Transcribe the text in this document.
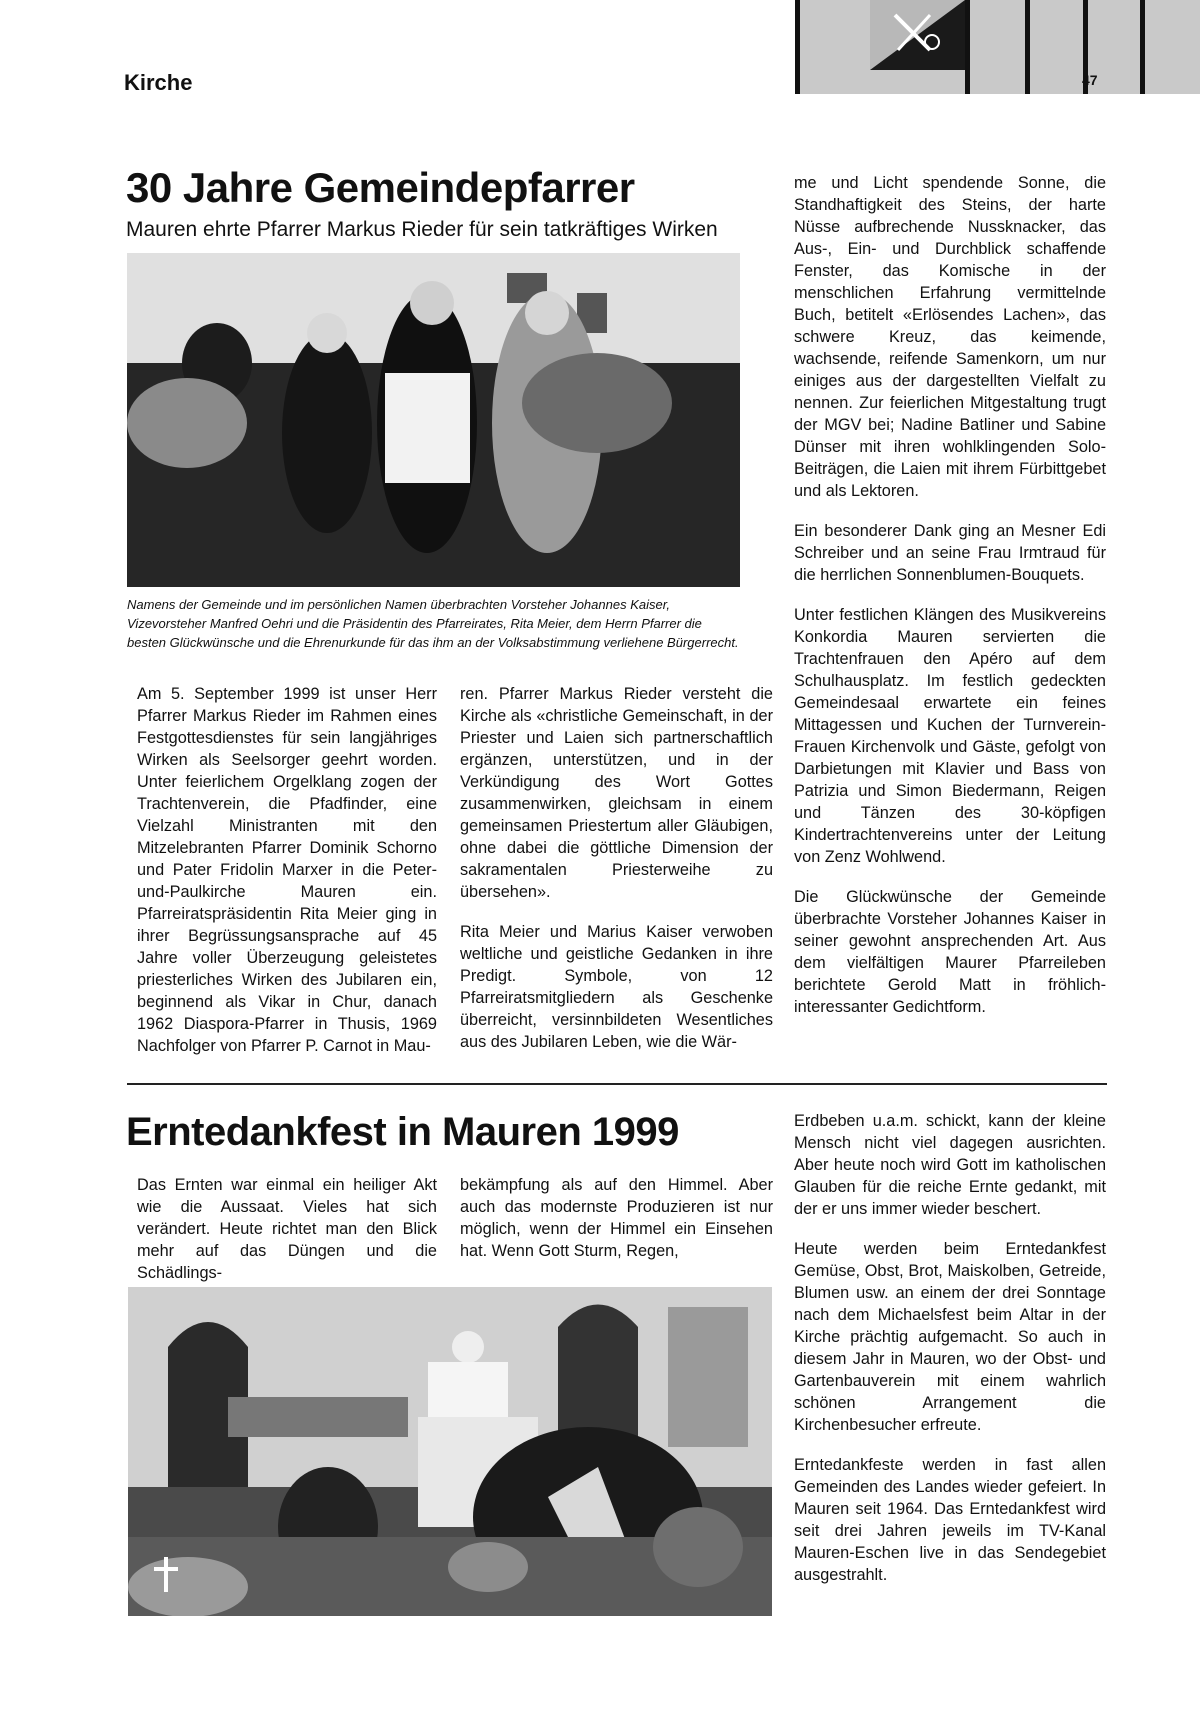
Kirche	47
30 Jahre Gemeindepfarrer
Mauren ehrte Pfarrer Markus Rieder für sein tatkräftiges Wirken
Namens der Gemeinde und im persönlichen Namen überbrachten Vorsteher Johannes Kaiser, Vizevorsteher Manfred Oehri und die Präsidentin des Pfarreirates, Rita Meier, dem Herrn Pfarrer die besten Glückwünsche und die Ehrenurkunde für das ihm an der Volksabstimmung verliehene Bürgerrecht.

Am 5. September 1999 ist unser Herr Pfarrer Markus Rieder im Rahmen eines Festgottesdienstes für sein langjähriges Wirken als Seelsorger geehrt worden. Unter feierlichem Orgelklang zogen der Trachtenverein, die Pfadfinder, eine Vielzahl Ministranten mit den Mitzelebranten Pfarrer Dominik Schorno und Pater Fridolin Marxer in die Peter-und-Paulkirche Mauren ein. Pfarreiratspräsidentin Rita Meier ging in ihrer Begrüssungsansprache auf 45 Jahre voller Überzeugung geleistetes priesterliches Wirken des Jubilaren ein, beginnend als Vikar in Chur, danach 1962 Diaspora-Pfarrer in Thusis, 1969 Nachfolger von Pfarrer P. Carnot in Mau-

ren. Pfarrer Markus Rieder versteht die Kirche als «christliche Gemeinschaft, in der Priester und Laien sich partnerschaftlich ergänzen, unterstützen, und in der Verkündigung des Wort Gottes zusammenwirken, gleichsam in einem gemeinsamen Priestertum aller Gläubigen, ohne dabei die göttliche Dimension der sakramentalen Priesterweihe zu übersehen».

Rita Meier und Marius Kaiser verwoben weltliche und geistliche Gedanken in ihre Predigt. Symbole, von 12 Pfarreiratsmitgliedern als Geschenke überreicht, versinnbildeten Wesentliches aus des Jubilaren Leben, wie die Wär-

me und Licht spendende Sonne, die Standhaftigkeit des Steins, der harte Nüsse aufbrechende Nussknacker, das Aus-, Ein- und Durchblick schaffende Fenster, das Komische in der menschlichen Erfahrung vermittelnde Buch, betitelt «Erlösendes Lachen», das schwere Kreuz, das keimende, wachsende, reifende Samenkorn, um nur einiges aus der dargestellten Vielfalt zu nennen. Zur feierlichen Mitgestaltung trugt der MGV bei; Nadine Batliner und Sabine Dünser mit ihren wohlklingenden Solo-Beiträgen, die Laien mit ihrem Fürbittgebet und als Lektoren.

Ein besonderer Dank ging an Mesner Edi Schreiber und an seine Frau Irmtraud für die herrlichen Sonnenblumen-Bouquets.

Unter festlichen Klängen des Musikvereins Konkordia Mauren servierten die Trachtenfrauen den Apéro auf dem Schulhausplatz. Im festlich gedeckten Gemeindesaal erwartete ein feines Mittagessen und Kuchen der Turnverein-Frauen Kirchenvolk und Gäste, gefolgt von Darbietungen mit Klavier und Bass von Patrizia und Simon Biedermann, Reigen und Tänzen des 30-köpfigen Kindertrachtenvereins unter der Leitung von Zenz Wohlwend.

Die Glückwünsche der Gemeinde überbrachte Vorsteher Johannes Kaiser in seiner gewohnt ansprechenden Art. Aus dem vielfältigen Maurer Pfarreileben berichtete Gerold Matt in fröhlich-interessanter Gedichtform.

Erntedankfest in Mauren 1999

Das Ernten war einmal ein heiliger Akt wie die Aussaat. Vieles hat sich verändert. Heute richtet man den Blick mehr auf das Düngen und die Schädlings-

bekämpfung als auf den Himmel. Aber auch das modernste Produzieren ist nur möglich, wenn der Himmel ein Einsehen hat. Wenn Gott Sturm, Regen,

Erdbeben u.a.m. schickt, kann der kleine Mensch nicht viel dagegen ausrichten. Aber heute noch wird Gott im katholischen Glauben für die reiche Ernte gedankt, mit der er uns immer wieder beschert.

Heute werden beim Erntedankfest Gemüse, Obst, Brot, Maiskolben, Getreide, Blumen usw. an einem der drei Sonntage nach dem Michaelsfest beim Altar in der Kirche prächtig aufgemacht. So auch in diesem Jahr in Mauren, wo der Obst- und Gartenbauverein mit einem wahrlich schönen Arrangement die Kirchenbesucher erfreute.

Erntedankfeste werden in fast allen Gemeinden des Landes wieder gefeiert. In Mauren seit 1964. Das Erntedankfest wird seit drei Jahren jeweils im TV-Kanal Mauren-Eschen live in das Sendegebiet ausgestrahlt.
